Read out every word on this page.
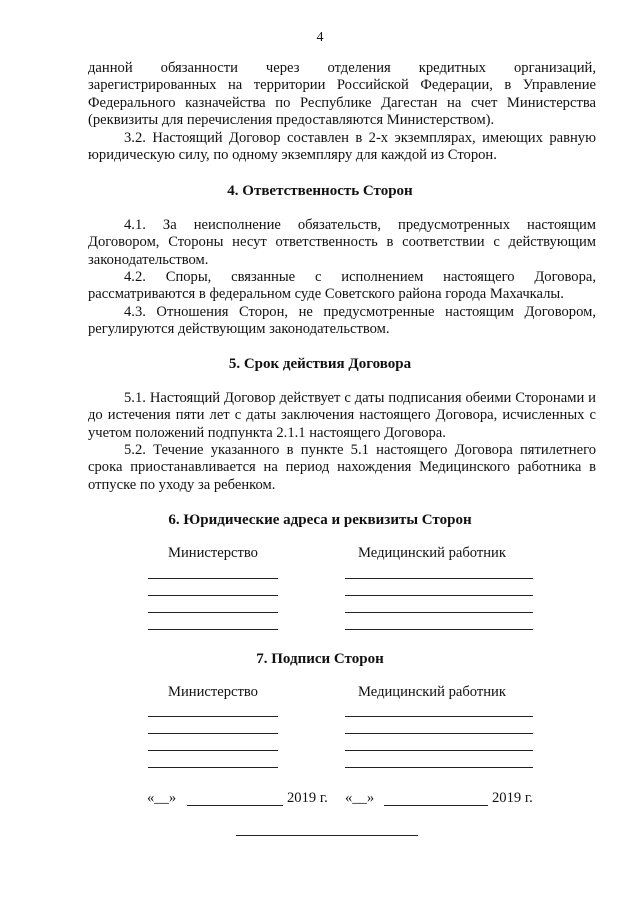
4

данной обязанности через отделения кредитных организаций, зарегистрированных на территории Российской Федерации, в Управление Федерального казначейства по Республике Дагестан на счет Министерства (реквизиты для перечисления предоставляются Министерством).

3.2. Настоящий Договор составлен в 2-х экземплярах, имеющих равную юридическую силу, по одному экземпляру для каждой из Сторон.

4. Ответственность Сторон

4.1. За неисполнение обязательств, предусмотренных настоящим Договором, Стороны несут ответственность в соответствии с действующим законодательством.

4.2. Споры, связанные с исполнением настоящего Договора, рассматриваются в федеральном суде Советского района города Махачкалы.

4.3. Отношения Сторон, не предусмотренные настоящим Договором, регулируются действующим законодательством.

5. Срок действия Договора

5.1. Настоящий Договор действует с даты подписания обеими Сторонами и до истечения пяти лет с даты заключения настоящего Договора, исчисленных с учетом положений подпункта 2.1.1 настоящего Договора.

5.2. Течение указанного в пункте 5.1 настоящего Договора пятилетнего срока приостанавливается на период нахождения Медицинского работника в отпуске по уходу за ребенком.

6. Юридические адреса и реквизиты Сторон
Министерство	Медицинский работник
7. Подписи Сторон
Министерство	Медицинский работник
«__»	2019 г. «__»	2019 г.
